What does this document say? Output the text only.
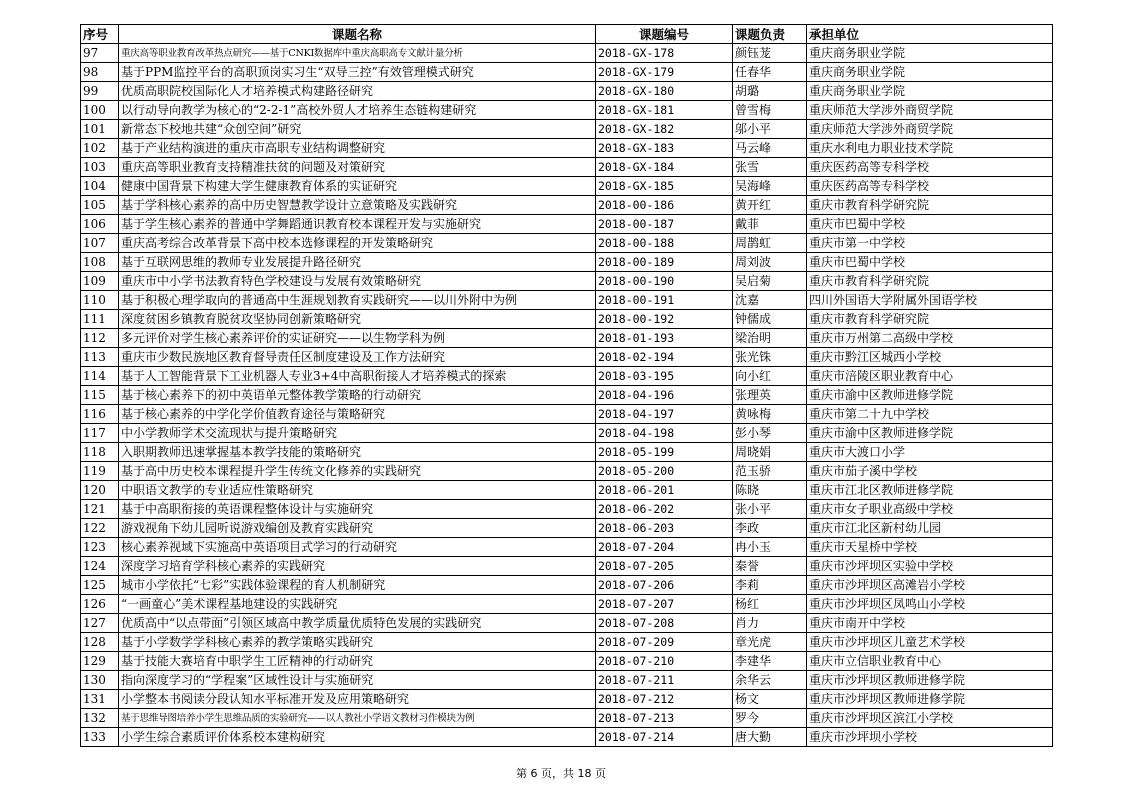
序号	课题名称	课题编号	课题负责	承担单位
97	重庆高等职业教育改革热点研究——基于CNKI数据库中重庆高职高专文献计量分析	2018-GX-178	颜钰茏	重庆商务职业学院
98	基于PPM监控平台的高职顶岗实习生“双导三控”有效管理模式研究	2018-GX-179	任春华	重庆商务职业学院
99	优质高职院校国际化人才培养模式构建路径研究	2018-GX-180	胡璐	重庆商务职业学院
100	以行动导向教学为核心的“2-2-1”高校外贸人才培养生态链构建研究	2018-GX-181	曾雪梅	重庆师范大学涉外商贸学院
101	新常态下校地共建“众创空间”研究	2018-GX-182	邬小平	重庆师范大学涉外商贸学院
102	基于产业结构演进的重庆市高职专业结构调整研究	2018-GX-183	马云峰	重庆水利电力职业技术学院
103	重庆高等职业教育支持精准扶贫的问题及对策研究	2018-GX-184	张雪	重庆医药高等专科学校
104	健康中国背景下构建大学生健康教育体系的实证研究	2018-GX-185	吴海峰	重庆医药高等专科学校
105	基于学科核心素养的高中历史智慧教学设计立意策略及实践研究	2018-00-186	黄开红	重庆市教育科学研究院
106	基于学生核心素养的普通中学舞蹈通识教育校本课程开发与实施研究	2018-00-187	戴菲	重庆市巴蜀中学校
107	重庆高考综合改革背景下高中校本选修课程的开发策略研究	2018-00-188	周鹊虹	重庆市第一中学校
108	基于互联网思维的教师专业发展提升路径研究	2018-00-189	周刘波	重庆市巴蜀中学校
109	重庆市中小学书法教育特色学校建设与发展有效策略研究	2018-00-190	吴启菊	重庆市教育科学研究院
110	基于积极心理学取向的普通高中生涯规划教育实践研究——以川外附中为例	2018-00-191	沈嘉	四川外国语大学附属外国语学校
111	深度贫困乡镇教育脱贫攻坚协同创新策略研究	2018-00-192	钟儒成	重庆市教育科学研究院
112	多元评价对学生核心素养评价的实证研究——以生物学科为例	2018-01-193	梁治明	重庆市万州第二高级中学校
113	重庆市少数民族地区教育督导责任区制度建设及工作方法研究	2018-02-194	张光铢	重庆市黔江区城西小学校
114	基于人工智能背景下工业机器人专业3+4中高职衔接人才培养模式的探索	2018-03-195	向小红	重庆市涪陵区职业教育中心
115	基于核心素养下的初中英语单元整体教学策略的行动研究	2018-04-196	张理英	重庆市渝中区教师进修学院
116	基于核心素养的中学化学价值教育途径与策略研究	2018-04-197	黄咏梅	重庆市第二十九中学校
117	中小学教师学术交流现状与提升策略研究	2018-04-198	彭小琴	重庆市渝中区教师进修学院
118	入职期教师迅速掌握基本教学技能的策略研究	2018-05-199	周晓娟	重庆市大渡口小学
119	基于高中历史校本课程提升学生传统文化修养的实践研究	2018-05-200	范玉骄	重庆市茄子溪中学校
120	中职语文教学的专业适应性策略研究	2018-06-201	陈晓	重庆市江北区教师进修学院
121	基于中高职衔接的英语课程整体设计与实施研究	2018-06-202	张小平	重庆市女子职业高级中学校
122	游戏视角下幼儿园听说游戏编创及教育实践研究	2018-06-203	李政	重庆市江北区新村幼儿园
123	核心素养视域下实施高中英语项目式学习的行动研究	2018-07-204	冉小玉	重庆市天星桥中学校
124	深度学习培育学科核心素养的实践研究	2018-07-205	秦誉	重庆市沙坪坝区实验中学校
125	城市小学依托“七彩”实践体验课程的育人机制研究	2018-07-206	李莉	重庆市沙坪坝区高滩岩小学校
126	“一画童心”美术课程基地建设的实践研究	2018-07-207	杨红	重庆市沙坪坝区凤鸣山小学校
127	优质高中“以点带面”引领区域高中教学质量优质特色发展的实践研究	2018-07-208	肖力	重庆市南开中学校
128	基于小学数学学科核心素养的教学策略实践研究	2018-07-209	章光虎	重庆市沙坪坝区儿童艺术学校
129	基于技能大赛培育中职学生工匠精神的行动研究	2018-07-210	李建华	重庆市立信职业教育中心
130	指向深度学习的“学程案”区域性设计与实施研究	2018-07-211	余华云	重庆市沙坪坝区教师进修学院
131	小学整本书阅读分段认知水平标准开发及应用策略研究	2018-07-212	杨文	重庆市沙坪坝区教师进修学院
132	基于思维导图培养小学生思维品质的实验研究——以人教社小学语文教材习作模块为例	2018-07-213	罗今	重庆市沙坪坝区滨江小学校
133	小学生综合素质评价体系校本建构研究	2018-07-214	唐大勤	重庆市沙坪坝小学校
第 6 页，共 18 页
